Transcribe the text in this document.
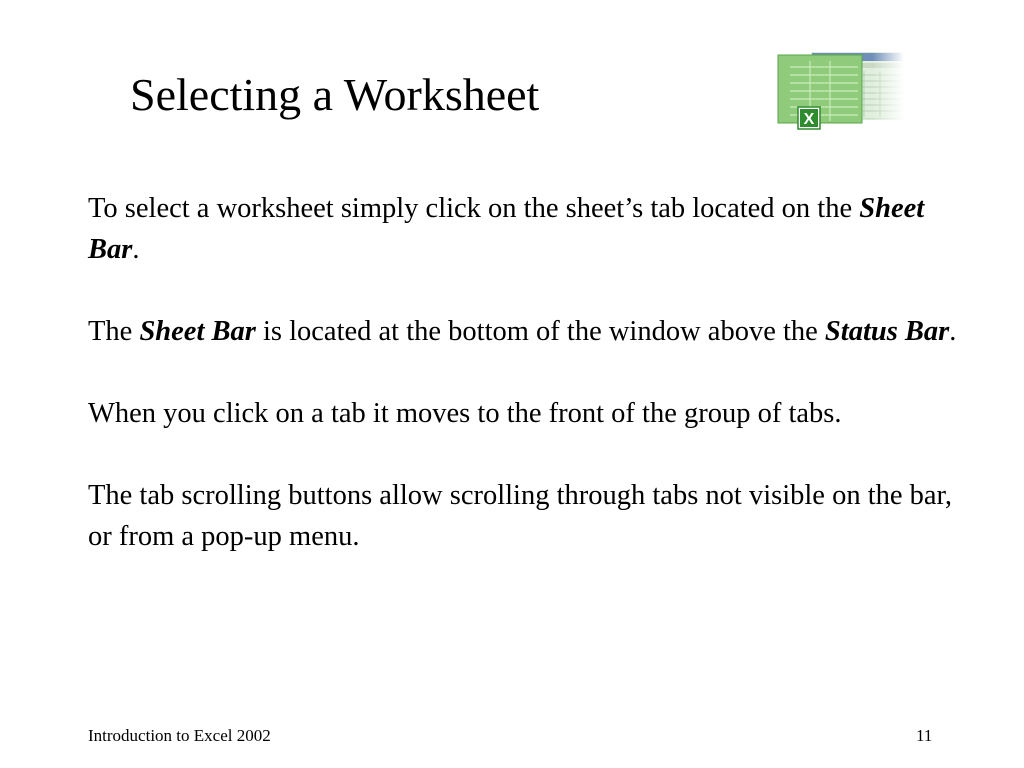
Selecting a Worksheet	X

To select a worksheet simply click on the sheet’s tab located on the Sheet Bar.

The Sheet Bar is located at the bottom of the window above the Status Bar.

When you click on a tab it moves to the front of the group of tabs.

The tab scrolling buttons allow scrolling through tabs not visible on the bar, or from a pop-up menu.

Introduction to Excel 2002	11
